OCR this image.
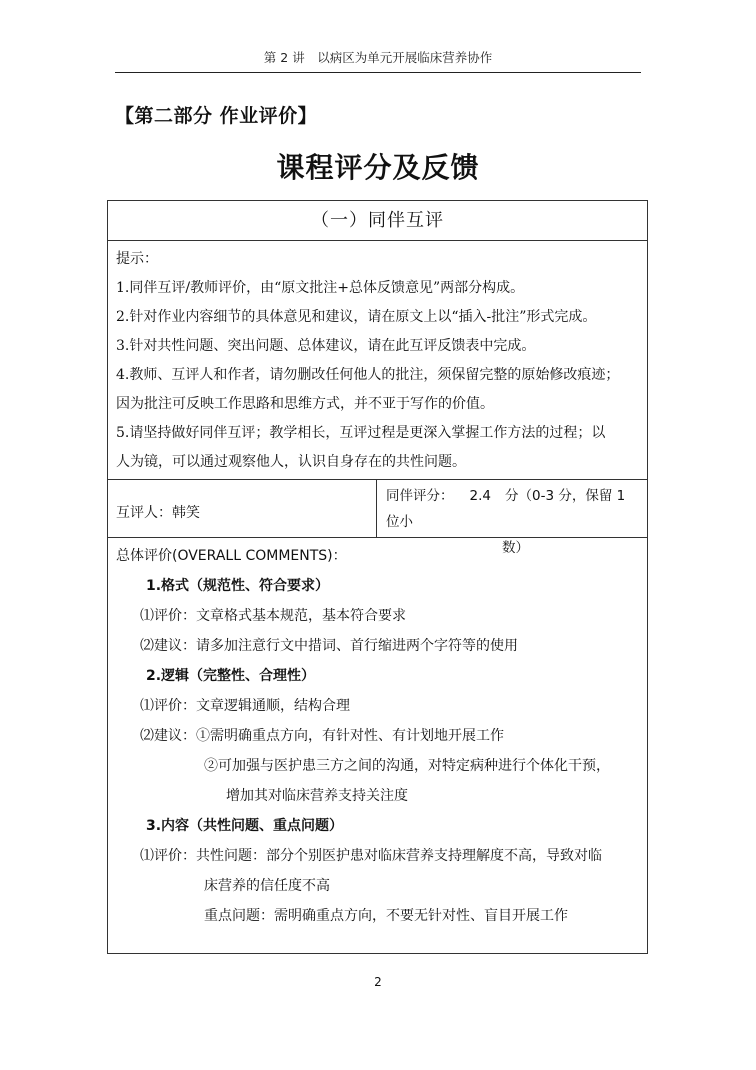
第 2 讲　以病区为单元开展临床营养协作
【第二部分 作业评价】
课程评分及反馈
（一）同伴互评
提示：
1.同伴互评/教师评价，由“原文批注+总体反馈意见”两部分构成。
2.针对作业内容细节的具体意见和建议，请在原文上以“插入-批注”形式完成。
3.针对共性问题、突出问题、总体建议，请在此互评反馈表中完成。
4.教师、互评人和作者，请勿删改任何他人的批注，须保留完整的原始修改痕迹；
因为批注可反映工作思路和思维方式，并不亚于写作的价值。
5.请坚持做好同伴互评；教学相长，互评过程是更深入掌握工作方法的过程；以
人为镜，可以通过观察他人，认识自身存在的共性问题。
互评人：韩笑
同伴评分： 2.4 分（0-3 分，保留 1 位小
数）
总体评价(OVERALL COMMENTS)：
1.格式（规范性、符合要求）
⑴评价：文章格式基本规范，基本符合要求
⑵建议：请多加注意行文中措词、首行缩进两个字符等的使用
2.逻辑（完整性、合理性）
⑴评价：文章逻辑通顺，结构合理
⑵建议：①需明确重点方向，有针对性、有计划地开展工作
②可加强与医护患三方之间的沟通，对特定病种进行个体化干预，
增加其对临床营养支持关注度
3.内容（共性问题、重点问题）
⑴评价：共性问题：部分个别医护患对临床营养支持理解度不高，导致对临
床营养的信任度不高
重点问题：需明确重点方向，不要无针对性、盲目开展工作
2
